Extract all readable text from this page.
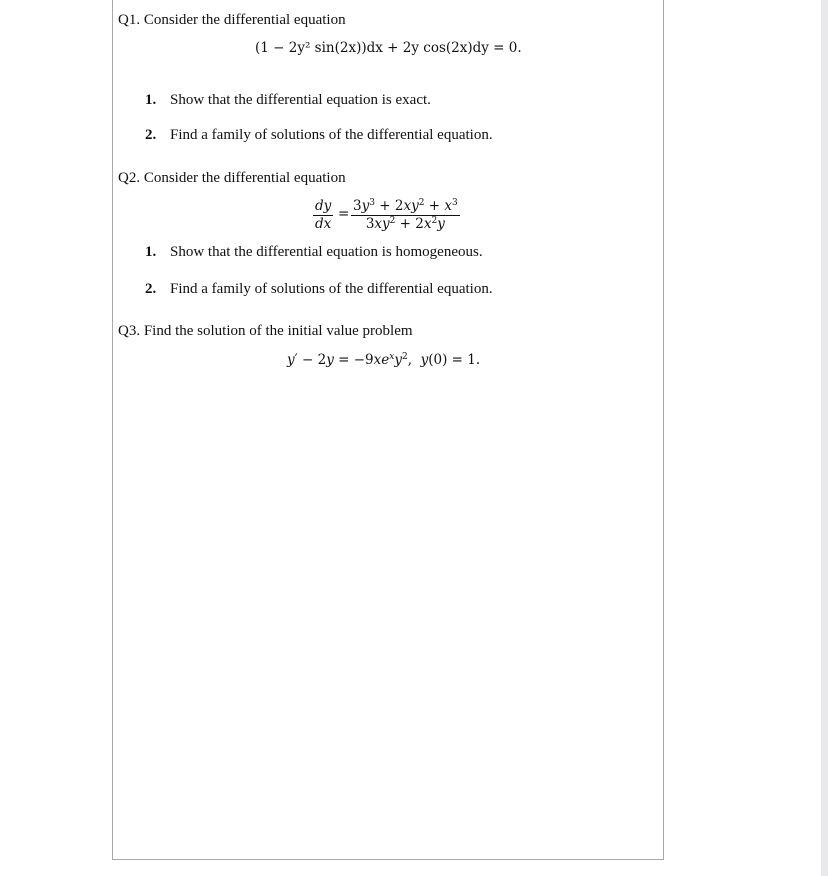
Q1. Consider the differential equation
(1 − 2y² sin(2x))dx + 2y cos(2x)dy = 0.
1. Show that the differential equation is exact.
2. Find a family of solutions of the differential equation.
Q2. Consider the differential equation
$\frac{dy}{dx} = \frac{3y^3 + 2xy^2 + x^3}{3xy^2 + 2x^2y}$
1. Show that the differential equation is homogeneous.
2. Find a family of solutions of the differential equation.
Q3. Find the solution of the initial value problem
$y' - 2y = -9xe^xy^2$,  y(0) = 1.
